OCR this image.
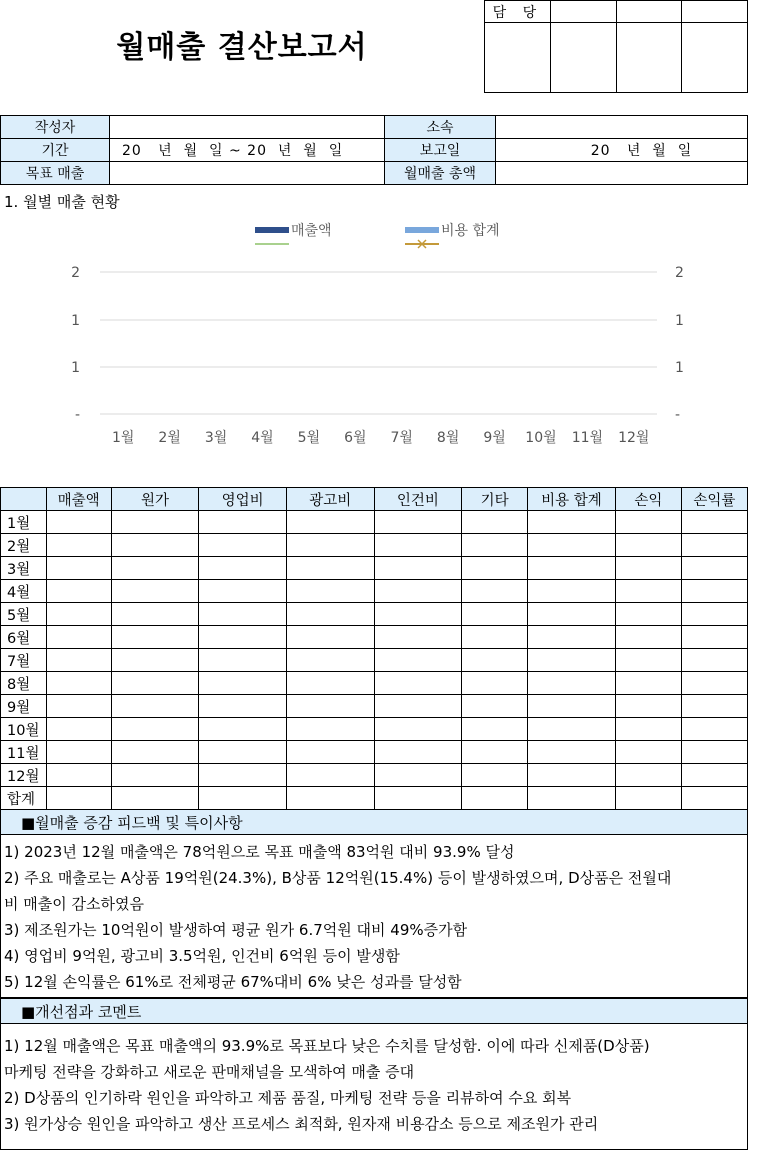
월매출 결산보고서
담 당			

작성자		소속	
기간	20   년  월  일 ~ 20  년  월  일	보고일	20   년  월  일
목표 매출		월매출 총액	
1. 월별 매출 현황
매출액	비용 합계
2	2
1	1
1	1
-	-
1월 2월 3월 4월 5월 6월 7월 8월 9월 10월 11월 12월
	매출액	원가	영업비	광고비	인건비	기타	비용 합계	손익	손익률
1월									
2월									
3월									
4월									
5월									
6월									
7월									
8월									
9월									
10월									
11월									
12월									
합계									
■월매출 증감 피드백 및 특이사항
1) 2023년 12월 매출액은 78억원으로 목표 매출액 83억원 대비 93.9% 달성
2) 주요 매출로는 A상품 19억원(24.3%), B상품 12억원(15.4%) 등이 발생하였으며, D상품은 전월대
비 매출이 감소하였음
3) 제조원가는 10억원이 발생하여 평균 원가 6.7억원 대비 49%증가함
4) 영업비 9억원, 광고비 3.5억원, 인건비 6억원 등이 발생함
5) 12월 손익률은 61%로 전체평균 67%대비 6% 낮은 성과를 달성함
■개선점과 코멘트
1) 12월 매출액은 목표 매출액의 93.9%로 목표보다 낮은 수치를 달성함. 이에 따라 신제품(D상품)
마케팅 전략을 강화하고 새로운 판매채널을 모색하여 매출 증대
2) D상품의 인기하락 원인을 파악하고 제품 품질, 마케팅 전략 등을 리뷰하여 수요 회복
3) 원가상승 원인을 파악하고 생산 프로세스 최적화, 원자재 비용감소 등으로 제조원가 관리
